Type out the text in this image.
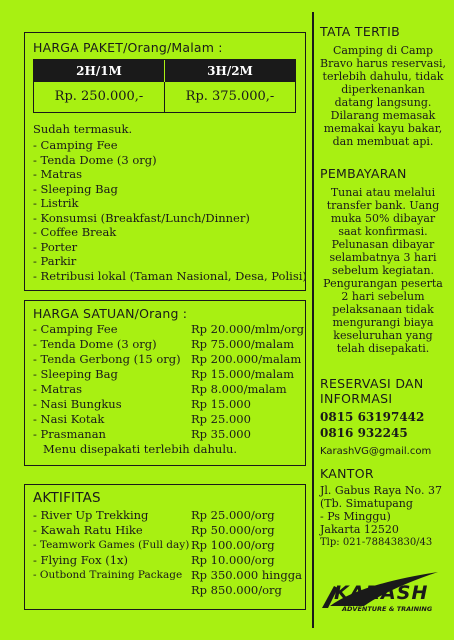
HARGA PAKET/Orang/Malam :
2H/1M	3H/2M
Rp. 250.000,-	Rp. 375.000,-
Sudah termasuk.
- Camping Fee
- Tenda Dome (3 org)
- Matras
- Sleeping Bag
- Listrik
- Konsumsi (Breakfast/Lunch/Dinner)
- Coffee Break
- Porter
- Parkir
- Retribusi lokal (Taman Nasional, Desa, Polisi)
HARGA SATUAN/Orang :
- Camping Fee	Rp 20.000/mlm/org
- Tenda Dome (3 org)	Rp 75.000/malam
- Tenda Gerbong (15 org) Rp 200.000/malam
- Sleeping Bag	Rp 15.000/malam
- Matras	Rp 8.000/malam
- Nasi Bungkus	Rp 15.000
- Nasi Kotak	Rp 25.000
- Prasmanan	Rp 35.000
Menu disepakati terlebih dahulu.
AKTIFITAS
- River Up Trekking	Rp 25.000/org
- Kawah Ratu Hike	Rp 50.000/org
- Teamwork Games (Full day) Rp 100.00/org
- Flying Fox (1x)	Rp 10.000/org
- Outbond Training Package Rp 350.000 hingga
Rp 850.000/org
TATA TERTIB
Camping di Camp
Bravo harus reservasi,
terlebih dahulu, tidak
diperkenankan
datang langsung.
Dilarang memasak
memakai kayu bakar,
dan membuat api.
PEMBAYARAN
Tunai atau melalui
transfer bank. Uang
muka 50% dibayar
saat konfirmasi.
Pelunasan dibayar
selambatnya 3 hari
sebelum kegiatan.
Pengurangan peserta
2 hari sebelum
pelaksanaan tidak
mengurangi biaya
keseluruhan yang
telah disepakati.
RESERVASI DAN
INFORMASI
0815 63197442
0816 932245
KarashVG@gmail.com
KANTOR
Jl. Gabus Raya No. 37
(Tb. Simatupang
- Ps Minggu)
Jakarta 12520
Tlp: 021-78843830/43
KARASH
ADVENTURE & TRAINING
